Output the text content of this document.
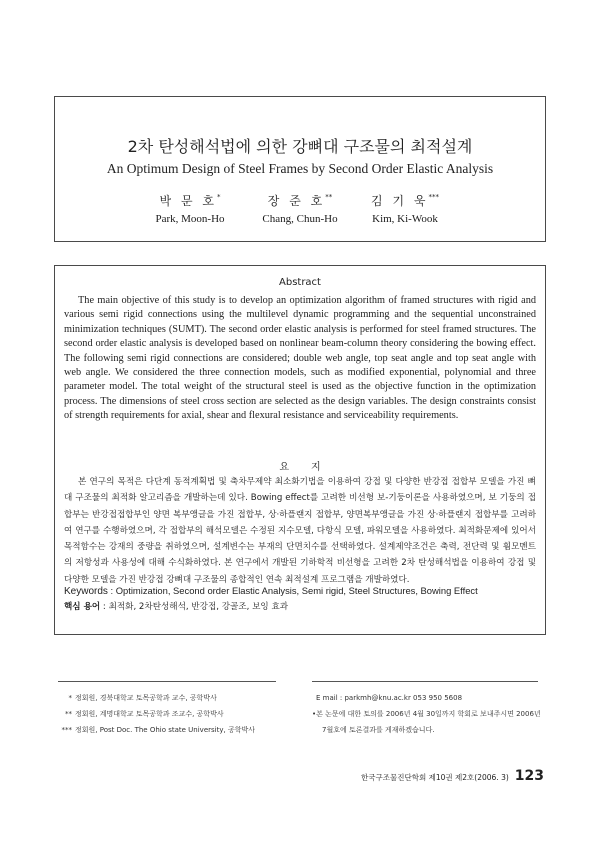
2차 탄성해석법에 의한 강뼈대 구조물의 최적설계
An Optimum Design of Steel Frames by Second Order Elastic Analysis
박 문 호*
Park, Moon-Ho
장 준 호**
Chang, Chun-Ho
김 기 욱***
Kim, Ki-Wook
Abstract

The main objective of this study is to develop an optimization algorithm of framed structures with rigid and various semi rigid connections using the multilevel dynamic programming and the sequential unconstrained minimization techniques (SUMT). The second order elastic analysis is performed for steel framed structures. The second order elastic analysis is developed based on nonlinear beam-column theory considering the bowing effect. The following semi rigid connections are considered; double web angle, top seat angle and top seat angle with web angle. We considered the three connection models, such as modified exponential, polynomial and three parameter model. The total weight of the structural steel is used as the objective function in the optimization process. The dimensions of steel cross section are selected as the design variables. The design constraints consist of strength requirements for axial, shear and flexural resistance and serviceability requirements.

요지

본 연구의 목적은 다단계 동적계획법 및 축차무제약 최소화기법을 이용하여 강접 및 다양한 반강접 접합부 모델을 가진 뼈대 구조물의 최적화 알고리즘을 개발하는데 있다. Bowing effect를 고려한 비선형 보-기둥이론을 사용하였으며, 보 기둥의 접합부는 반강접접합부인 양면 복부앵글을 가진 접합부, 상·하플랜지 접합부, 양면복부앵글을 가진 상·하플랜지 접합부를 고려하여 연구를 수행하였으며, 각 접합부의 해석모델은 수정된 지수모델, 다항식 모델, 파워모델을 사용하였다. 최적화문제에 있어서 목적함수는 강재의 중량을 취하였으며, 설계변수는 부재의 단면치수를 선택하였다. 설계제약조건은 축력, 전단력 및 휨모멘트의 저항성과 사용성에 대해 수식화하였다. 본 연구에서 개발된 기하학적 비선형을 고려한 2차 탄성해석법을 이용하여 강접 및 다양한 모델을 가진 반강접 강뼈대 구조물의 종합적인 연속 최적설계 프로그램을 개발하였다.

Keywords : Optimization, Second order Elastic Analysis, Semi rigid, Steel Structures, Bowing Effect
핵심 용어 : 최적화, 2차탄성해석, 반강접, 강골조, 보잉 효과
* 정회원, 경북대학교 토목공학과 교수, 공학박사
** 정회원, 계명대학교 토목공학과 조교수, 공학박사
*** 정회원, Post Doc. The Ohio state University, 공학박사
E mail : parkmh@knu.ac.kr 053 950 5608
•본 논문에 대한 토의를 2006년 4월 30일까지 학회로 보내주시면 2006년 7월호에 토론결과를 게재하겠습니다.
한국구조물진단학회 제10권 제2호(2006. 3) 123
